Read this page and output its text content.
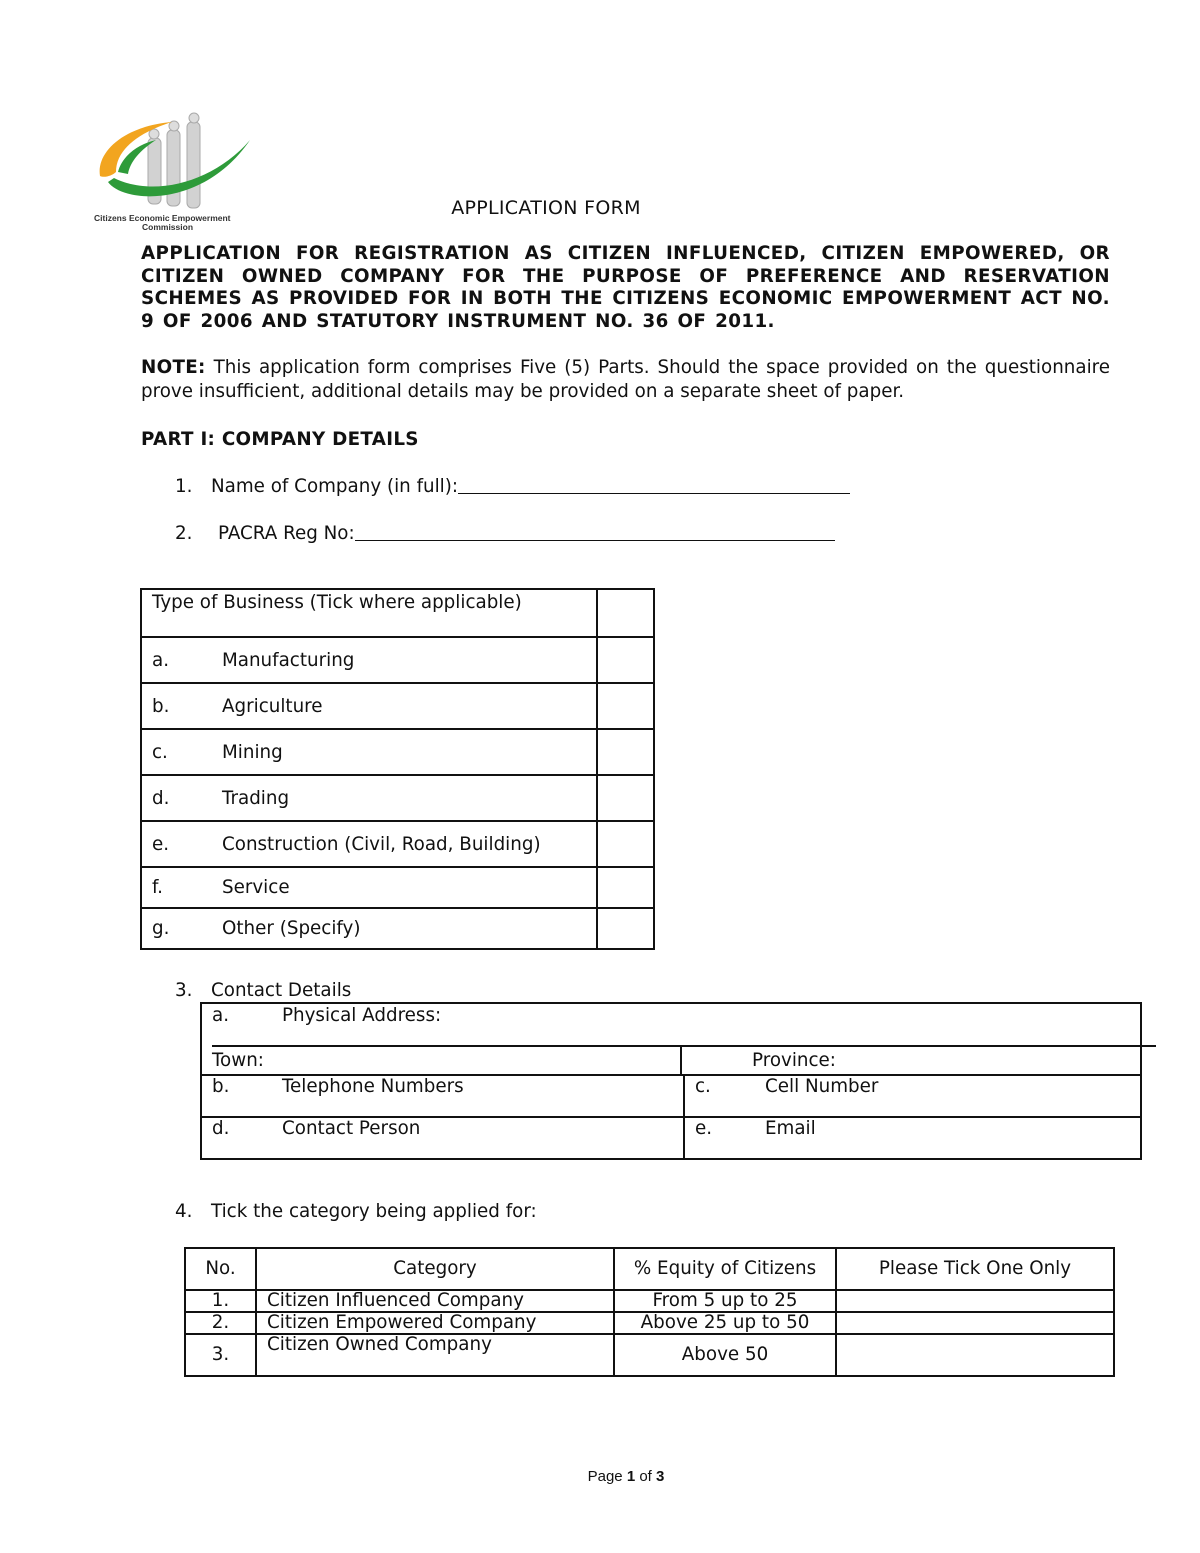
Citizens Economic Empowerment
Commission
APPLICATION FORM
APPLICATION FOR REGISTRATION AS CITIZEN INFLUENCED, CITIZEN EMPOWERED, OR CITIZEN OWNED COMPANY FOR THE PURPOSE OF PREFERENCE AND RESERVATION SCHEMES AS PROVIDED FOR IN BOTH THE CITIZENS ECONOMIC EMPOWERMENT ACT NO. 9 OF 2006 AND STATUTORY INSTRUMENT NO. 36 OF 2011.
NOTE: This application form comprises Five (5) Parts. Should the space provided on the questionnaire prove insufficient, additional details may be provided on a separate sheet of paper.
PART I: COMPANY DETAILS
1.	Name of Company (in full):
2.	PACRA Reg No:
Type of Business (Tick where applicable)	
a. Manufacturing	
b. Agriculture	
c. Mining	
d. Trading	
e. Construction (Civil, Road, Building)	
f. Service	
g. Other (Specify)	
3. Contact Details
a.	Physical Address:
Town:	Province:
b.	Telephone Numbers	c.	Cell Number
d.	Contact Person	e.	Email
4. Tick the category being applied for:
No.	Category	% Equity of Citizens	Please Tick One Only
1.	Citizen Influenced Company	From 5 up to 25	
2.	Citizen Empowered Company	Above 25 up to 50	
3.	Citizen Owned Company	Above 50	
Page 1 of 3
